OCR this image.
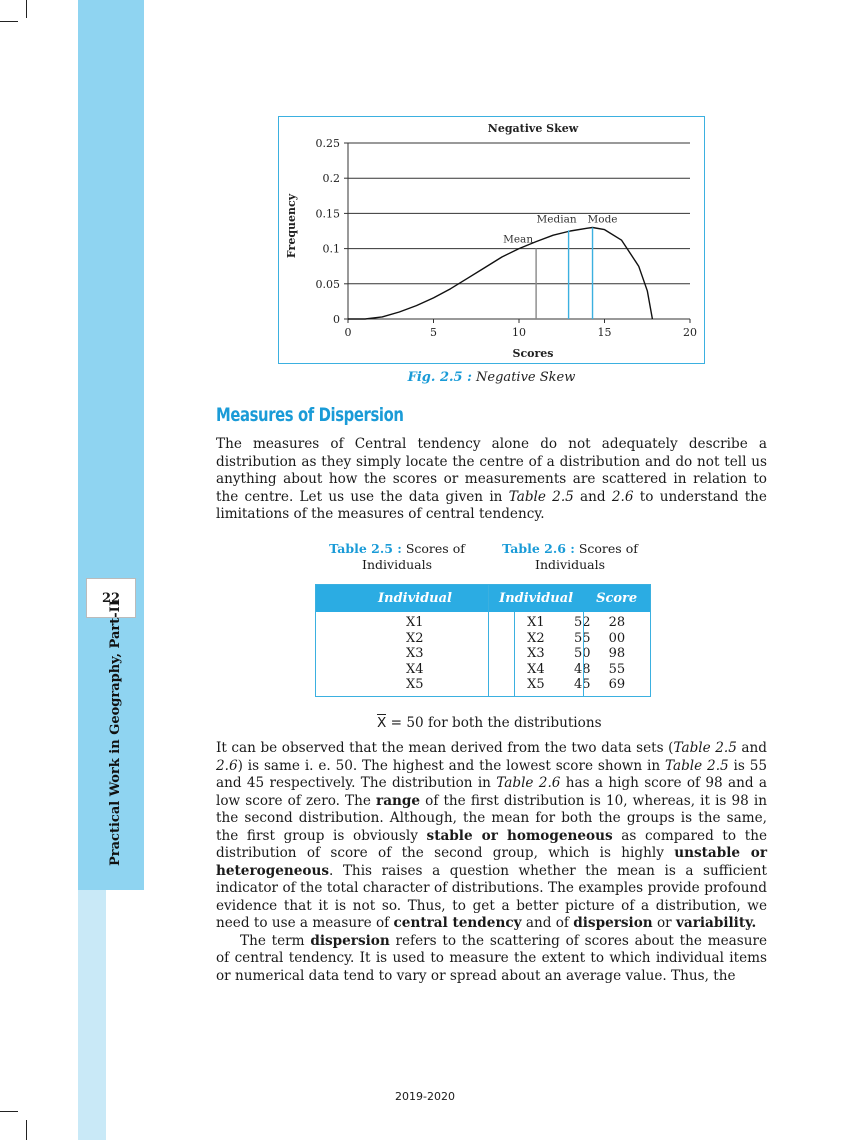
22
Practical Work in Geography, Part-II
0
0.05
0.1
0.15
0.2
0.25
0	5	10	15	20
Mean
Median Mode
Negative Skew
Scores
Frequency
Fig. 2.5 : Negative Skew
Measures of Dispersion

The measures of Central tendency alone do not adequately describe a distribution as they simply locate the centre of a distribution and do not tell us anything about how the scores or measurements are scattered in relation to the centre. Let us use the data given in Table 2.5 and 2.6 to understand the limitations of the measures of central tendency.

Table 2.5 : Scores of Individuals
Table 2.6 : Scores of Individuals
Individual	
X1	52
X2	55
X3	50
X4	48
X5	45
Individual	Score
X1	28
X2	00
X3	98
X4	55
X5	69
X = 50 for both the distributions

It can be observed that the mean derived from the two data sets (Table 2.5 and 2.6) is same i. e. 50. The highest and the lowest score shown in Table 2.5 is 55 and 45 respectively. The distribution in Table 2.6 has a high score of 98 and a low score of zero. The range of the first distribution is 10, whereas, it is 98 in the second distribution. Although, the mean for both the groups is the same, the first group is obviously stable or homogeneous as compared to the distribution of score of the second group, which is highly unstable or heterogeneous. This raises a question whether the mean is a sufficient indicator of the total character of distributions. The examples provide profound evidence that it is not so. Thus, to get a better picture of a distribution, we need to use a measure of central tendency and of dispersion or variability.

The term dispersion refers to the scattering of scores about the measure of central tendency. It is used to measure the extent to which individual items or numerical data tend to vary or spread about an average value. Thus, the

2019-2020
